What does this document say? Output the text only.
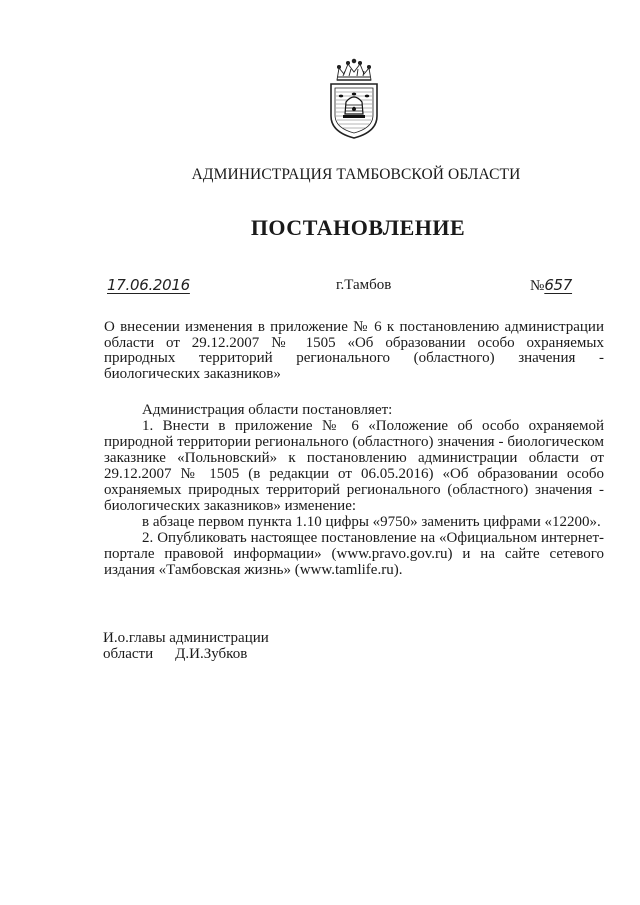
АДМИНИСТРАЦИЯ ТАМБОВСКОЙ ОБЛАСТИ
ПОСТАНОВЛЕНИЕ
17.06.2016	г.Тамбов	№657
О внесении изменения в приложение № 6 к постановлению администрации области от 29.12.2007 № 1505 «Об образовании особо охраняемых природных территорий регионального (областного) значения - биологических заказников»

Администрация области постановляет:

1. Внести в приложение № 6 «Положение об особо охраняемой природной территории регионального (областного) значения - биологическом заказнике «Польновский» к постановлению администрации области от 29.12.2007 № 1505 (в редакции от 06.05.2016) «Об образовании особо охраняемых природных территорий регионального (областного) значения - биологических заказников» изменение:

в абзаце первом пункта 1.10 цифры «9750» заменить цифрами «12200».

2. Опубликовать настоящее постановление на «Официальном интернет-портале правовой информации» (www.pravo.gov.ru) и на сайте сетевого издания «Тамбовская жизнь» (www.tamlife.ru).

И.о.главы администрации
области Д.И.Зубков
